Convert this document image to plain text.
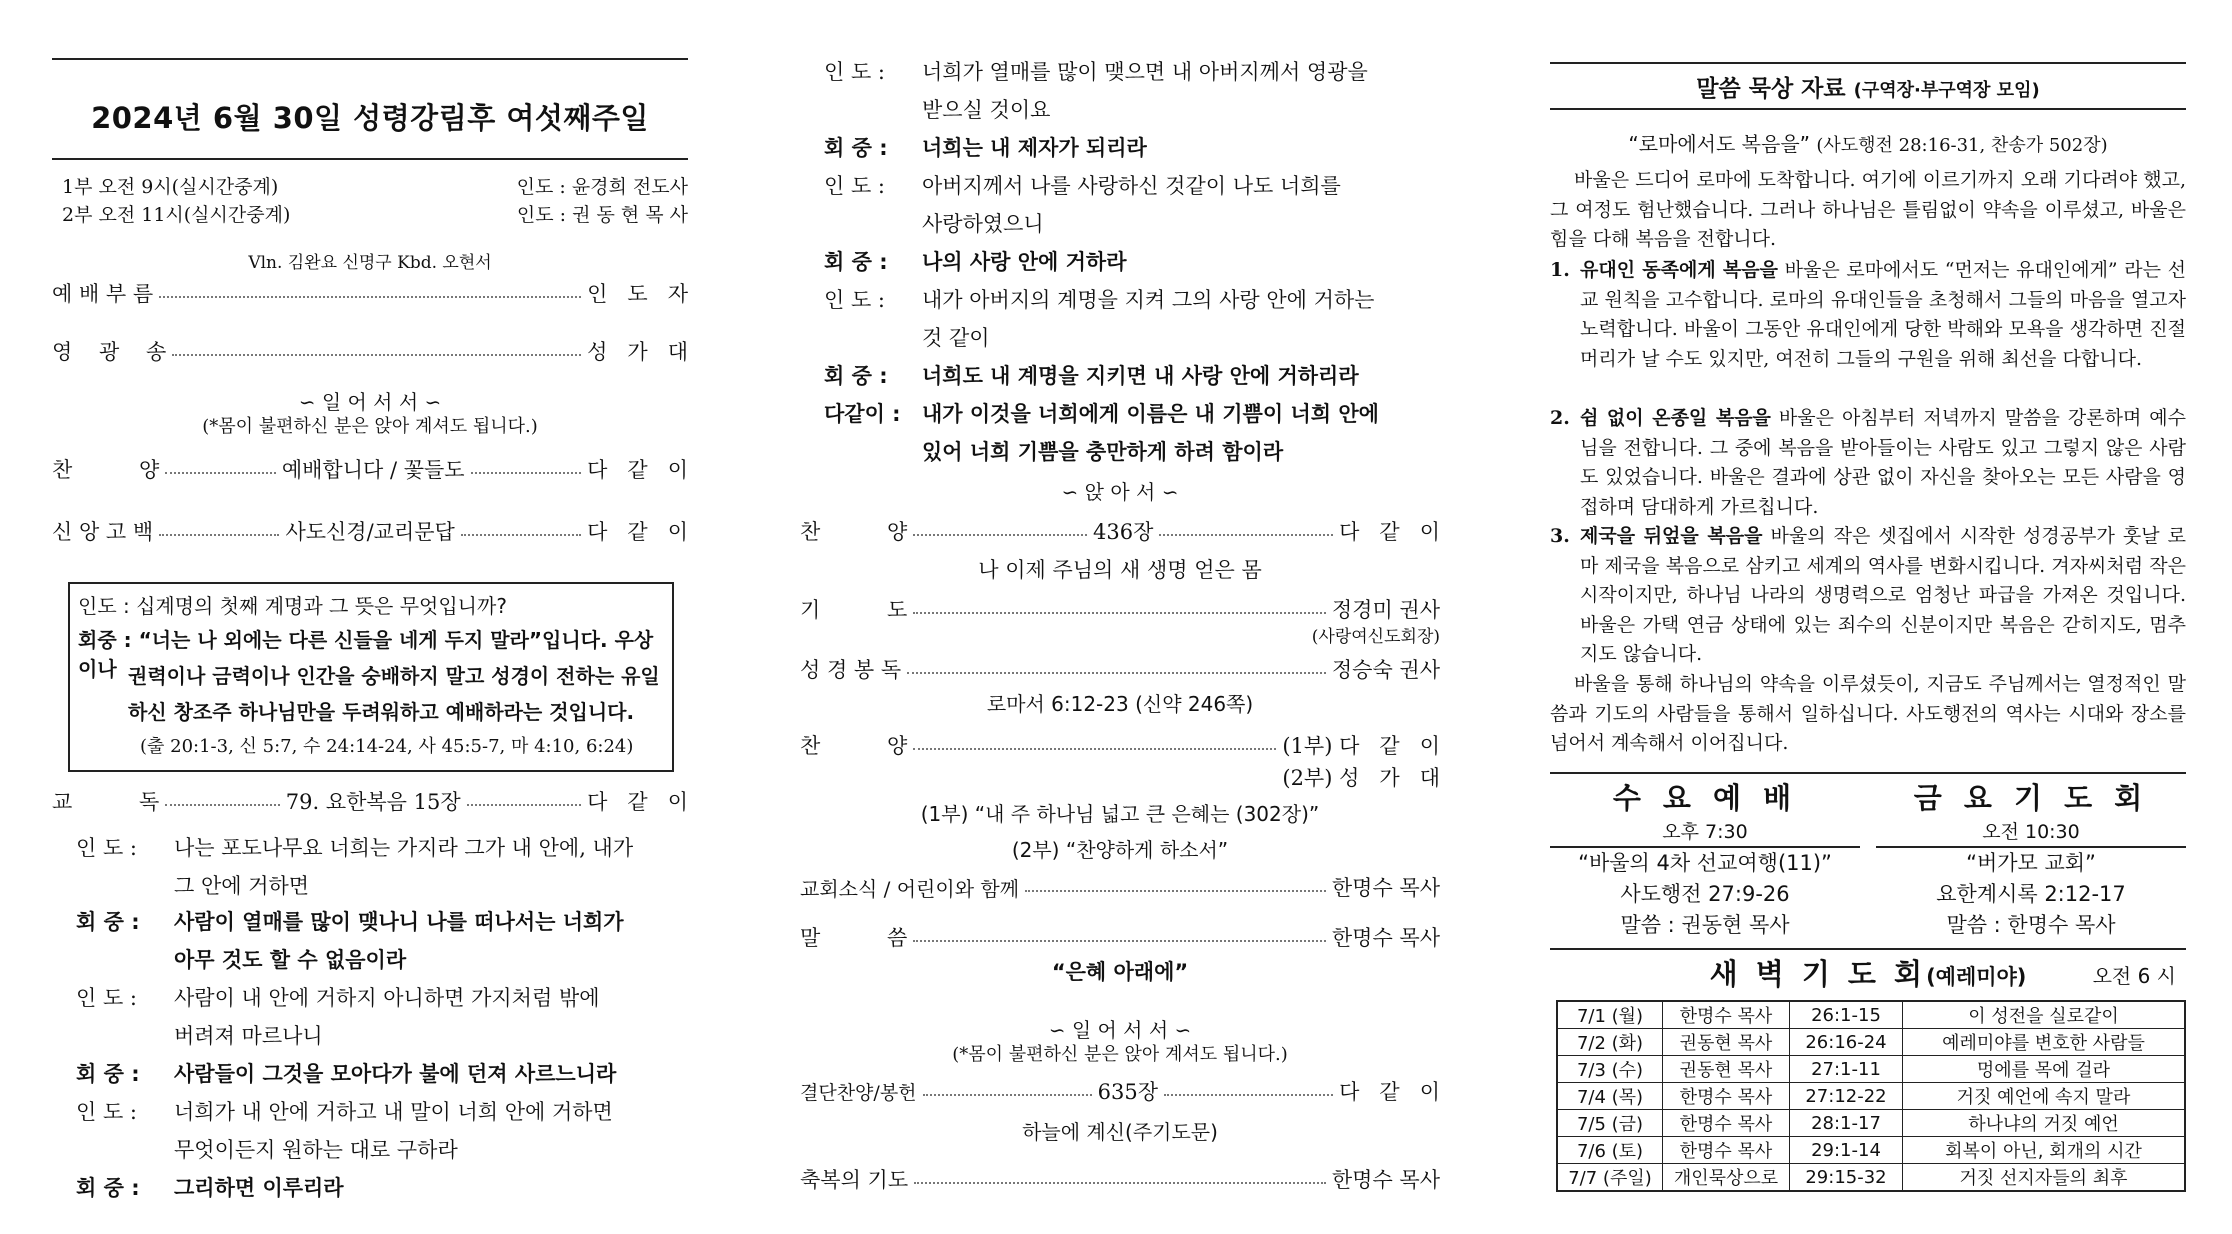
2024년 6월 30일 성령강림후 여섯째주일
1부 오전 9시(실시간중계)	인도 : 윤경희 전도사
2부 오전 11시(실시간중계)	인도 : 권 동 현 목 사
Vln. 김완요 신명구 Kbd. 오현서
예 배 부 름	인   도   자
영    광    송	성   가   대
∽ 일 어 서 서 ∽
(*몸이 불편하신 분은 앉아 계셔도 됩니다.)
찬          양	예배합니다 / 꽃들도	다   같   이
신 앙 고 백	사도신경/교리문답	다   같   이
인도 : 십계명의 첫째 계명과 그 뜻은 무엇입니까?
회중 : “너는 나 외에는 다른 신들을 네게 두지 말라”입니다. 우상이나 권력이나 금력이나 인간을 숭배하지 말고 성경이 전하는 유일
하신 창조주 하나님만을 두려워하고 예배하라는 것입니다.
(출 20:1-3, 신 5:7, 수 24:14-24, 사 45:5-7, 마 4:10, 6:24)
교          독	79. 요한복음 15장	다   같   이
인 도 : 나는 포도나무요 너희는 가지라 그가 내 안에, 내가
그 안에 거하면
회 중 : 사람이 열매를 많이 맺나니 나를 떠나서는 너희가
아무 것도 할 수 없음이라
인 도 : 사람이 내 안에 거하지 아니하면 가지처럼 밖에
버려져 마르나니
회 중 : 사람들이 그것을 모아다가 불에 던져 사르느니라
인 도 : 너희가 내 안에 거하고 내 말이 너희 안에 거하면
무엇이든지 원하는 대로 구하라
회 중 : 그리하면 이루리라
인 도 : 너희가 열매를 많이 맺으면 내 아버지께서 영광을
받으실 것이요
회 중 : 너희는 내 제자가 되리라
인 도 : 아버지께서 나를 사랑하신 것같이 나도 너희를
사랑하였으니
회 중 : 나의 사랑 안에 거하라
인 도 : 내가 아버지의 계명을 지켜 그의 사랑 안에 거하는
것 같이
회 중 : 너희도 내 계명을 지키면 내 사랑 안에 거하리라
다같이 : 내가 이것을 너희에게 이름은 내 기쁨이 너희 안에
있어 너희 기쁨을 충만하게 하려 함이라
∽ 앉 아 서 ∽
찬          양	436장	다   같   이
나 이제 주님의 새 생명 얻은 몸
기          도	정경미 권사
(사랑여신도회장)
성 경 봉 독	정승숙 권사
로마서 6:12-23 (신약 246쪽)
찬          양	(1부) 다   같   이
(2부) 성   가   대
(1부) “내 주 하나님 넓고 큰 은혜는 (302장)”
(2부) “찬양하게 하소서”
교회소식 / 어린이와 함께	한명수 목사
말          씀	한명수 목사
“은혜 아래에”
∽ 일 어 서 서 ∽
(*몸이 불편하신 분은 앉아 계셔도 됩니다.)
결단찬양/봉헌	635장	다   같   이
하늘에 계신(주기도문)
축복의 기도	한명수 목사
말씀 묵상 자료 (구역장·부구역장 모임)
“로마에서도 복음을” (사도행전 28:16-31, 찬송가 502장)
바울은 드디어 로마에 도착합니다. 여기에 이르기까지 오래 기다려야 했고, 그 여정도 험난했습니다. 그러나 하나님은 틀림없이 약속을 이루셨고, 바울은 힘을 다해 복음을 전합니다.
1. 유대인 동족에게 복음을 바울은 로마에서도 “먼저는 유대인에게” 라는 선교 원칙을 고수합니다. 로마의 유대인들을 초청해서 그들의 마음을 열고자 노력합니다. 바울이 그동안 유대인에게 당한 박해와 모욕을 생각하면 진절머리가 날 수도 있지만, 여전히 그들의 구원을 위해 최선을 다합니다.
2. 쉼 없이 온종일 복음을 바울은 아침부터 저녁까지 말씀을 강론하며 예수님을 전합니다. 그 중에 복음을 받아들이는 사람도 있고 그렇지 않은 사람도 있었습니다. 바울은 결과에 상관 없이 자신을 찾아오는 모든 사람을 영접하며 담대하게 가르칩니다.
3. 제국을 뒤엎을 복음을 바울의 작은 셋집에서 시작한 성경공부가 훗날 로마 제국을 복음으로 삼키고 세계의 역사를 변화시킵니다. 겨자씨처럼 작은 시작이지만, 하나님 나라의 생명력으로 엄청난 파급을 가져온 것입니다. 바울은 가택 연금 상태에 있는 죄수의 신분이지만 복음은 갇히지도, 멈추지도 않습니다.
바울을 통해 하나님의 약속을 이루셨듯이, 지금도 주님께서는 열정적인 말씀과 기도의 사람들을 통해서 일하십니다. 사도행전의 역사는 시대와 장소를 넘어서 계속해서 이어집니다.
수 요 예 배
오후 7:30
“바울의 4차 선교여행(11)”
사도행전 27:9-26
말씀 : 권동현 목사
금 요 기 도 회
오전 10:30
“버가모 교회”
요한계시록 2:12-17
말씀 : 한명수 목사
새 벽 기 도 회(예레미야)	오전 6 시
7/1 (월)	한명수 목사	26:1-15	이 성전을 실로같이
7/2 (화)	권동현 목사	26:16-24	예레미야를 변호한 사람들
7/3 (수)	권동현 목사	27:1-11	멍에를 목에 걸라
7/4 (목)	한명수 목사	27:12-22	거짓 예언에 속지 말라
7/5 (금)	한명수 목사	28:1-17	하나냐의 거짓 예언
7/6 (토)	한명수 목사	29:1-14	회복이 아닌, 회개의 시간
7/7 (주일)	개인묵상으로	29:15-32	거짓 선지자들의 최후
